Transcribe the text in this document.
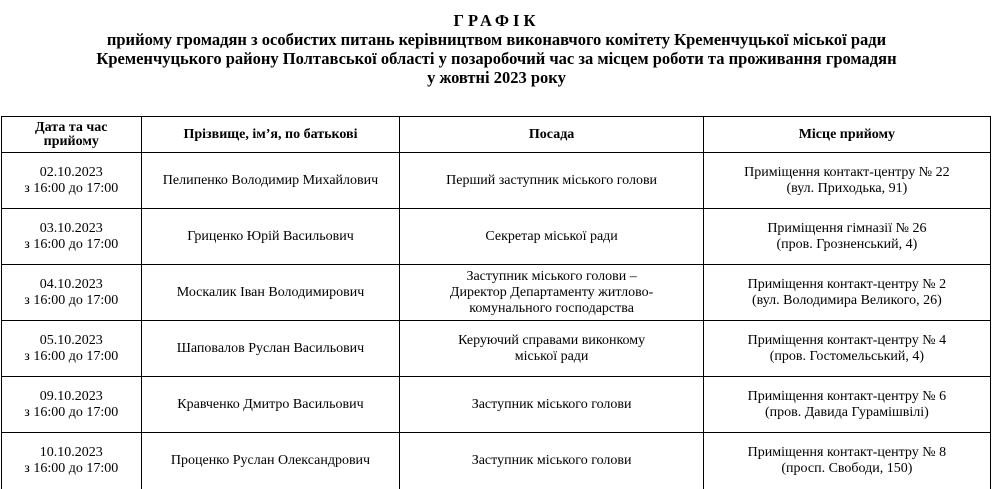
ГРАФІК
прийому громадян з особистих питань керівництвом виконавчого комітету Кременчуцької міської ради
Кременчуцького району Полтавської області у позаробочий час за місцем роботи та проживання громадян
у жовтні 2023 року
Дата та час прийому	Прізвище, ім’я, по батькові	Посада	Місце прийому

02.10.2023
з 16:00 до 17:00	Пелипенко Володимир Михайлович	Перший заступник міського голови	Приміщення контакт-центру № 22
(вул. Приходька, 91)

03.10.2023
з 16:00 до 17:00	Гриценко Юрій Васильович	Секретар міської ради	Приміщення гімназії № 26
(пров. Грозненський, 4)

04.10.2023
з 16:00 до 17:00	Москалик Іван Володимирович	Заступник міського голови –
Директор Департаменту житлово-
комунального господарства	Приміщення контакт-центру № 2
(вул. Володимира Великого, 26)

05.10.2023
з 16:00 до 17:00	Шаповалов Руслан Васильович	Керуючий справами виконкому
міської ради	Приміщення контакт-центру № 4
(пров. Гостомельський, 4)

09.10.2023
з 16:00 до 17:00	Кравченко Дмитро Васильович	Заступник міського голови	Приміщення контакт-центру № 6
(пров. Давида Гурамішвілі)

10.10.2023
з 16:00 до 17:00	Проценко Руслан Олександрович	Заступник міського голови	Приміщення контакт-центру № 8
(просп. Свободи, 150)
